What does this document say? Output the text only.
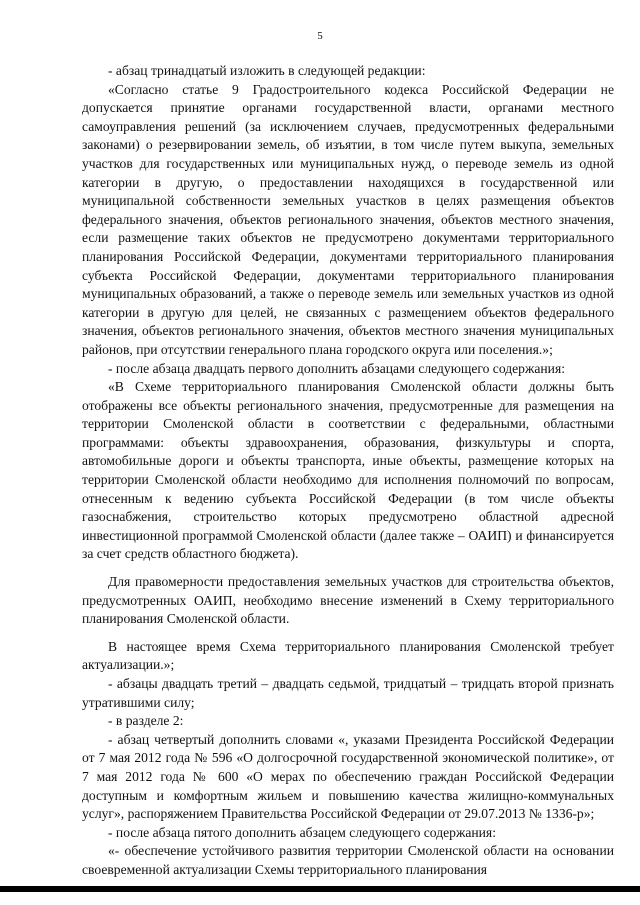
5

- абзац тринадцатый изложить в следующей редакции:

«Согласно статье 9 Градостроительного кодекса Российской Федерации не допускается принятие органами государственной власти, органами местного самоуправления решений (за исключением случаев, предусмотренных федеральными законами) о резервировании земель, об изъятии, в том числе путем выкупа, земельных участков для государственных или муниципальных нужд, о переводе земель из одной категории в другую, о предоставлении находящихся в государственной или муниципальной собственности земельных участков в целях размещения объектов федерального значения, объектов регионального значения, объектов местного значения, если размещение таких объектов не предусмотрено документами территориального планирования Российской Федерации, документами территориального планирования субъекта Российской Федерации, документами территориального планирования муниципальных образований, а также о переводе земель или земельных участков из одной категории в другую для целей, не связанных с размещением объектов федерального значения, объектов регионального значения, объектов местного значения муниципальных районов, при отсутствии генерального плана городского округа или поселения.»;

- после абзаца двадцать первого дополнить абзацами следующего содержания:

«В Схеме территориального планирования Смоленской области должны быть отображены все объекты регионального значения, предусмотренные для размещения на территории Смоленской области в соответствии с федеральными, областными программами: объекты здравоохранения, образования, физкультуры и спорта, автомобильные дороги и объекты транспорта, иные объекты, размещение которых на территории Смоленской области необходимо для исполнения полномочий по вопросам, отнесенным к ведению субъекта Российской Федерации (в том числе объекты газоснабжения, строительство которых предусмотрено областной адресной инвестиционной программой Смоленской области (далее также – ОАИП) и финансируется за счет средств областного бюджета).

Для правомерности предоставления земельных участков для строительства объектов, предусмотренных ОАИП, необходимо внесение изменений в Схему территориального планирования Смоленской области.

В настоящее время Схема территориального планирования Смоленской требует актуализации.»;

- абзацы двадцать третий – двадцать седьмой, тридцатый – тридцать второй признать утратившими силу;

- в разделе 2:

- абзац четвертый дополнить словами «, указами Президента Российской Федерации от 7 мая 2012 года № 596 «О долгосрочной государственной экономической политике», от 7 мая 2012 года № 600 «О мерах по обеспечению граждан Российской Федерации доступным и комфортным жильем и повышению качества жилищно-коммунальных услуг», распоряжением Правительства Российской Федерации от 29.07.2013 № 1336-р»;

- после абзаца пятого дополнить абзацем следующего содержания:

«- обеспечение устойчивого развития территории Смоленской области на основании своевременной актуализации Схемы территориального планирования
